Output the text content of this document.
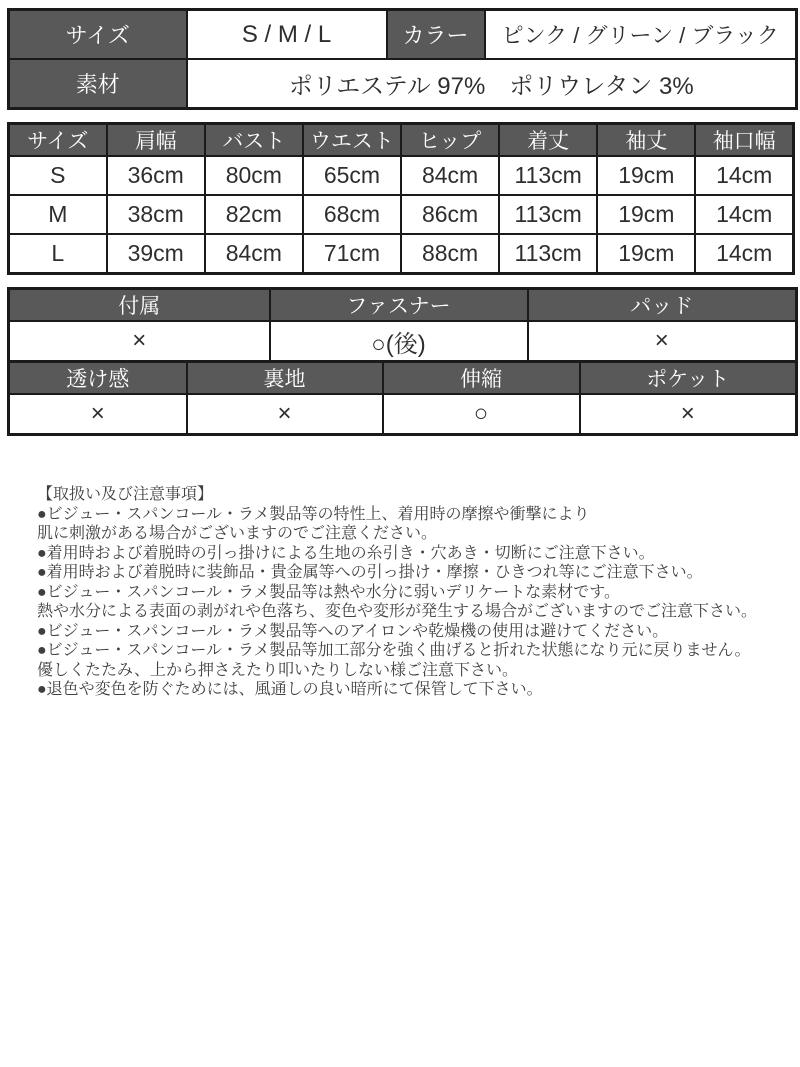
サイズ	S / M / L	カラー	ピンク / グリーン / ブラック
素材	ポリエステル 97%　ポリウレタン 3%		
サイズ	肩幅	バスト	ウエスト	ヒップ	着丈	袖丈	袖口幅
S	36cm	80cm	65cm	84cm	113cm	19cm	14cm
M	38cm	82cm	68cm	86cm	113cm	19cm	14cm
L	39cm	84cm	71cm	88cm	113cm	19cm	14cm
付属	ファスナー	パッド
×	○(後)	×
透け感	裏地	伸縮	ポケット
×	×	○	×
【取扱い及び注意事項】
●ビジュー・スパンコール・ラメ製品等の特性上、着用時の摩擦や衝撃により
肌に刺激がある場合がございますのでご注意ください。
●着用時および着脱時の引っ掛けによる生地の糸引き・穴あき・切断にご注意下さい。
●着用時および着脱時に装飾品・貴金属等への引っ掛け・摩擦・ひきつれ等にご注意下さい。
●ビジュー・スパンコール・ラメ製品等は熱や水分に弱いデリケートな素材です。
熱や水分による表面の剥がれや色落ち、変色や変形が発生する場合がございますのでご注意下さい。
●ビジュー・スパンコール・ラメ製品等へのアイロンや乾燥機の使用は避けてください。
●ビジュー・スパンコール・ラメ製品等加工部分を強く曲げると折れた状態になり元に戻りません。
優しくたたみ、上から押さえたり叩いたりしない様ご注意下さい。
●退色や変色を防ぐためには、風通しの良い暗所にて保管して下さい。
